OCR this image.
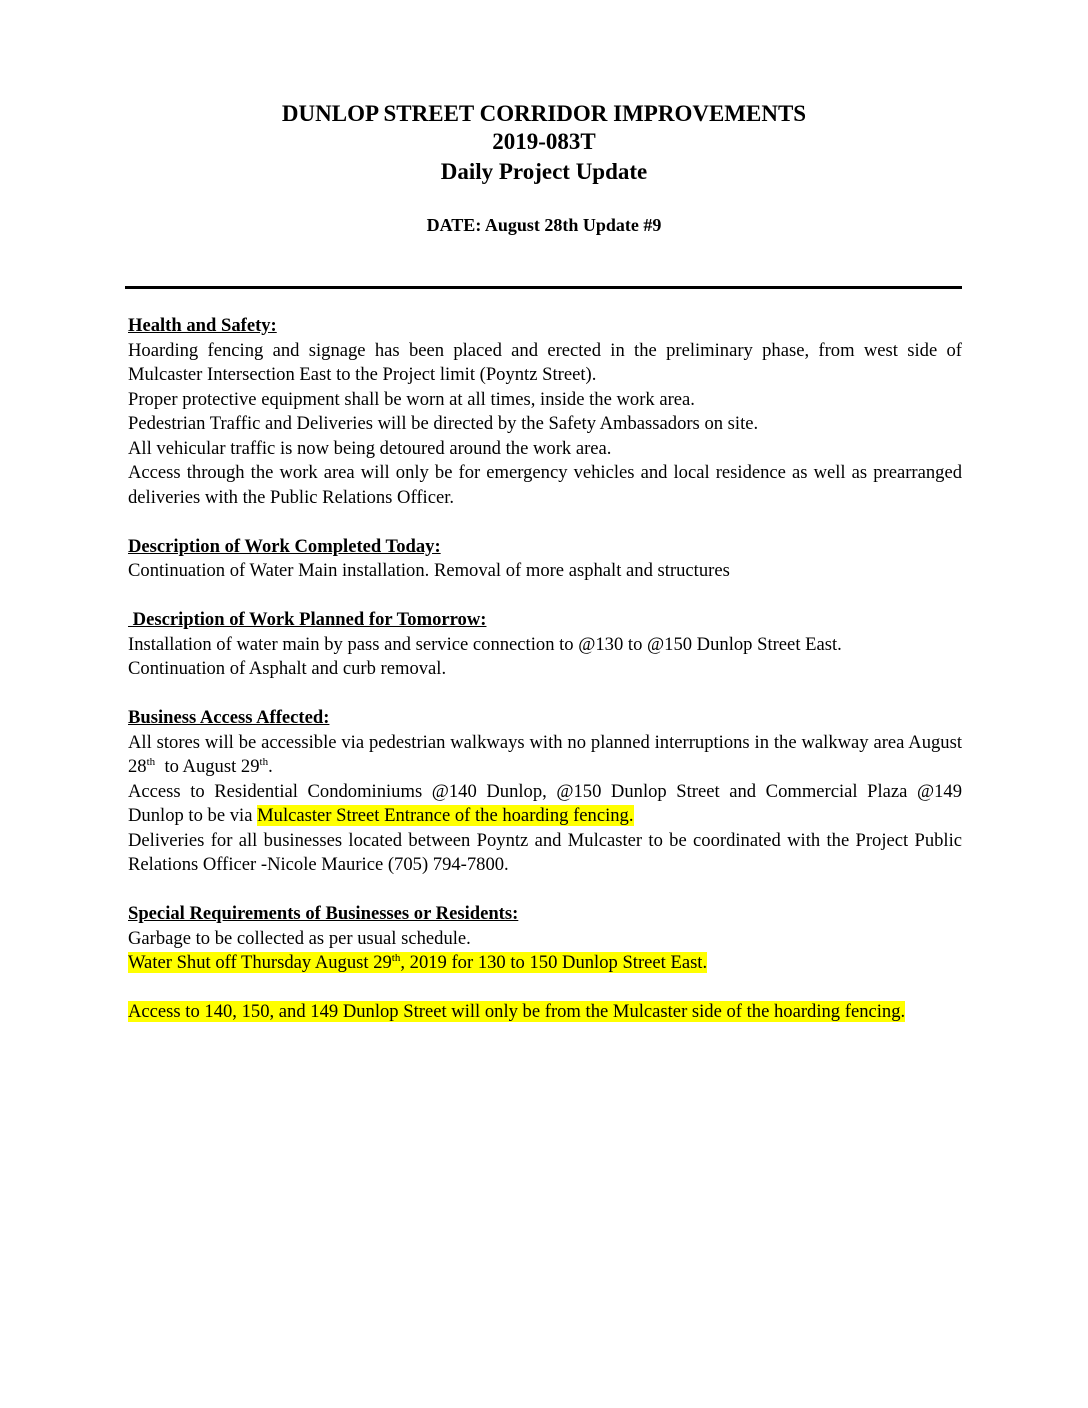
DUNLOP STREET CORRIDOR IMPROVEMENTS
2019-083T
Daily Project Update
DATE: August 28th Update #9

Health and Safety:

Hoarding fencing and signage has been placed and erected in the preliminary phase, from west side of Mulcaster Intersection East to the Project limit (Poyntz Street).

Proper protective equipment shall be worn at all times, inside the work area.

Pedestrian Traffic and Deliveries will be directed by the Safety Ambassadors on site.

All vehicular traffic is now being detoured around the work area.

Access through the work area will only be for emergency vehicles and local residence as well as prearranged deliveries with the Public Relations Officer.

Description of Work Completed Today:

Continuation of Water Main installation. Removal of more asphalt and structures

Description of Work Planned for Tomorrow:

Installation of water main by pass and service connection to @130 to @150 Dunlop Street East.

Continuation of Asphalt and curb removal.

Business Access Affected:

All stores will be accessible via pedestrian walkways with no planned interruptions in the walkway area August 28th  to August 29th.

Access to Residential Condominiums @140 Dunlop, @150 Dunlop Street and Commercial Plaza @149 Dunlop to be via Mulcaster Street Entrance of the hoarding fencing.

Deliveries for all businesses located between Poyntz and Mulcaster to be coordinated with the Project Public Relations Officer -Nicole Maurice (705) 794-7800.

Special Requirements of Businesses or Residents:

Garbage to be collected as per usual schedule.

Water Shut off Thursday August 29th, 2019 for 130 to 150 Dunlop Street East.

Access to 140, 150, and 149 Dunlop Street will only be from the Mulcaster side of the hoarding fencing.
